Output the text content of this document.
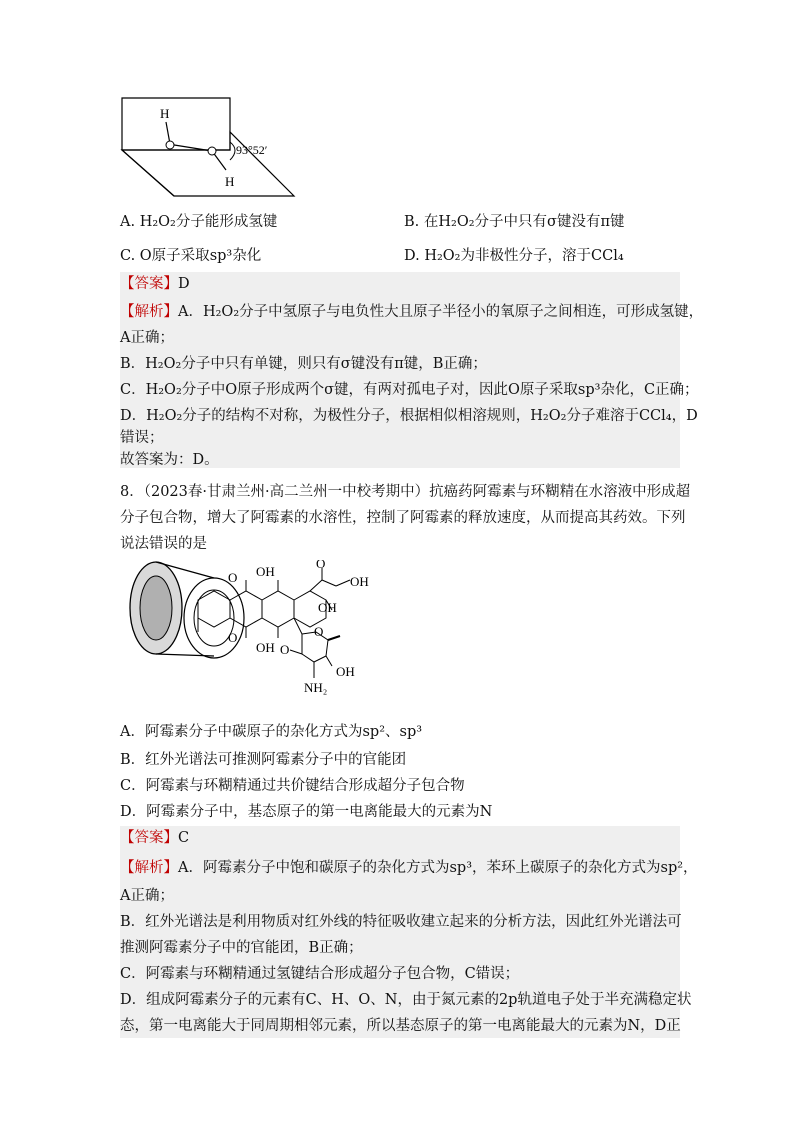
H
H
93°52′
A. H₂O₂分子能形成氢键	B. 在H₂O₂分子中只有σ键没有π键
C. O原子采取sp³杂化	D. H₂O₂为非极性分子，溶于CCl₄
【答案】D
【解析】A．H₂O₂分子中氢原子与电负性大且原子半径小的氧原子之间相连，可形成氢键，
A正确；
B．H₂O₂分子中只有单键，则只有σ键没有π键，B正确；
C．H₂O₂分子中O原子形成两个σ键，有两对孤电子对，因此O原子采取sp³杂化，C正确；
D．H₂O₂分子的结构不对称，为极性分子，根据相似相溶规则，H₂O₂分子难溶于CCl₄，D
错误；
故答案为：D。
8．（2023春·甘肃兰州·高二兰州一中校考期中）抗癌药阿霉素与环糊精在水溶液中形成超
分子包合物，增大了阿霉素的水溶性，控制了阿霉素的释放速度，从而提高其药效。下列
说法错误的是
OH
O
O
OH
O
OH
OH
O
O
OH
NH₂
A．阿霉素分子中碳原子的杂化方式为sp²、sp³
B．红外光谱法可推测阿霉素分子中的官能团
C．阿霉素与环糊精通过共价键结合形成超分子包合物
D．阿霉素分子中，基态原子的第一电离能最大的元素为N
【答案】C
【解析】A．阿霉素分子中饱和碳原子的杂化方式为sp³，苯环上碳原子的杂化方式为sp²，
A正确；
B．红外光谱法是利用物质对红外线的特征吸收建立起来的分析方法，因此红外光谱法可
推测阿霉素分子中的官能团，B正确；
C．阿霉素与环糊精通过氢键结合形成超分子包合物，C错误；
D．组成阿霉素分子的元素有C、H、O、N，由于氮元素的2p轨道电子处于半充满稳定状
态，第一电离能大于同周期相邻元素，所以基态原子的第一电离能最大的元素为N，D正
